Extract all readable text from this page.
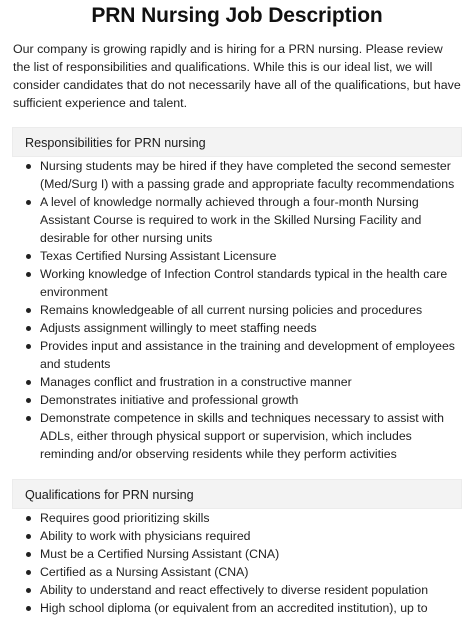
PRN Nursing Job Description

Our company is growing rapidly and is hiring for a PRN nursing. Please review the list of responsibilities and qualifications. While this is our ideal list, we will consider candidates that do not necessarily have all of the qualifications, but have sufficient experience and talent.

Responsibilities for PRN nursing
Nursing students may be hired if they have completed the second semester (Med/Surg I) with a passing grade and appropriate faculty recommendations
A level of knowledge normally achieved through a four-month Nursing Assistant Course is required to work in the Skilled Nursing Facility and desirable for other nursing units
Texas Certified Nursing Assistant Licensure
Working knowledge of Infection Control standards typical in the health care environment
Remains knowledgeable of all current nursing policies and procedures
Adjusts assignment willingly to meet staffing needs
Provides input and assistance in the training and development of employees and students
Manages conflict and frustration in a constructive manner
Demonstrates initiative and professional growth
Demonstrate competence in skills and techniques necessary to assist with ADLs, either through physical support or supervision, which includes reminding and/or observing residents while they perform activities
Qualifications for PRN nursing
Requires good prioritizing skills
Ability to work with physicians required
Must be a Certified Nursing Assistant (CNA)
Certified as a Nursing Assistant (CNA)
Ability to understand and react effectively to diverse resident population
High school diploma (or equivalent from an accredited institution), up to
